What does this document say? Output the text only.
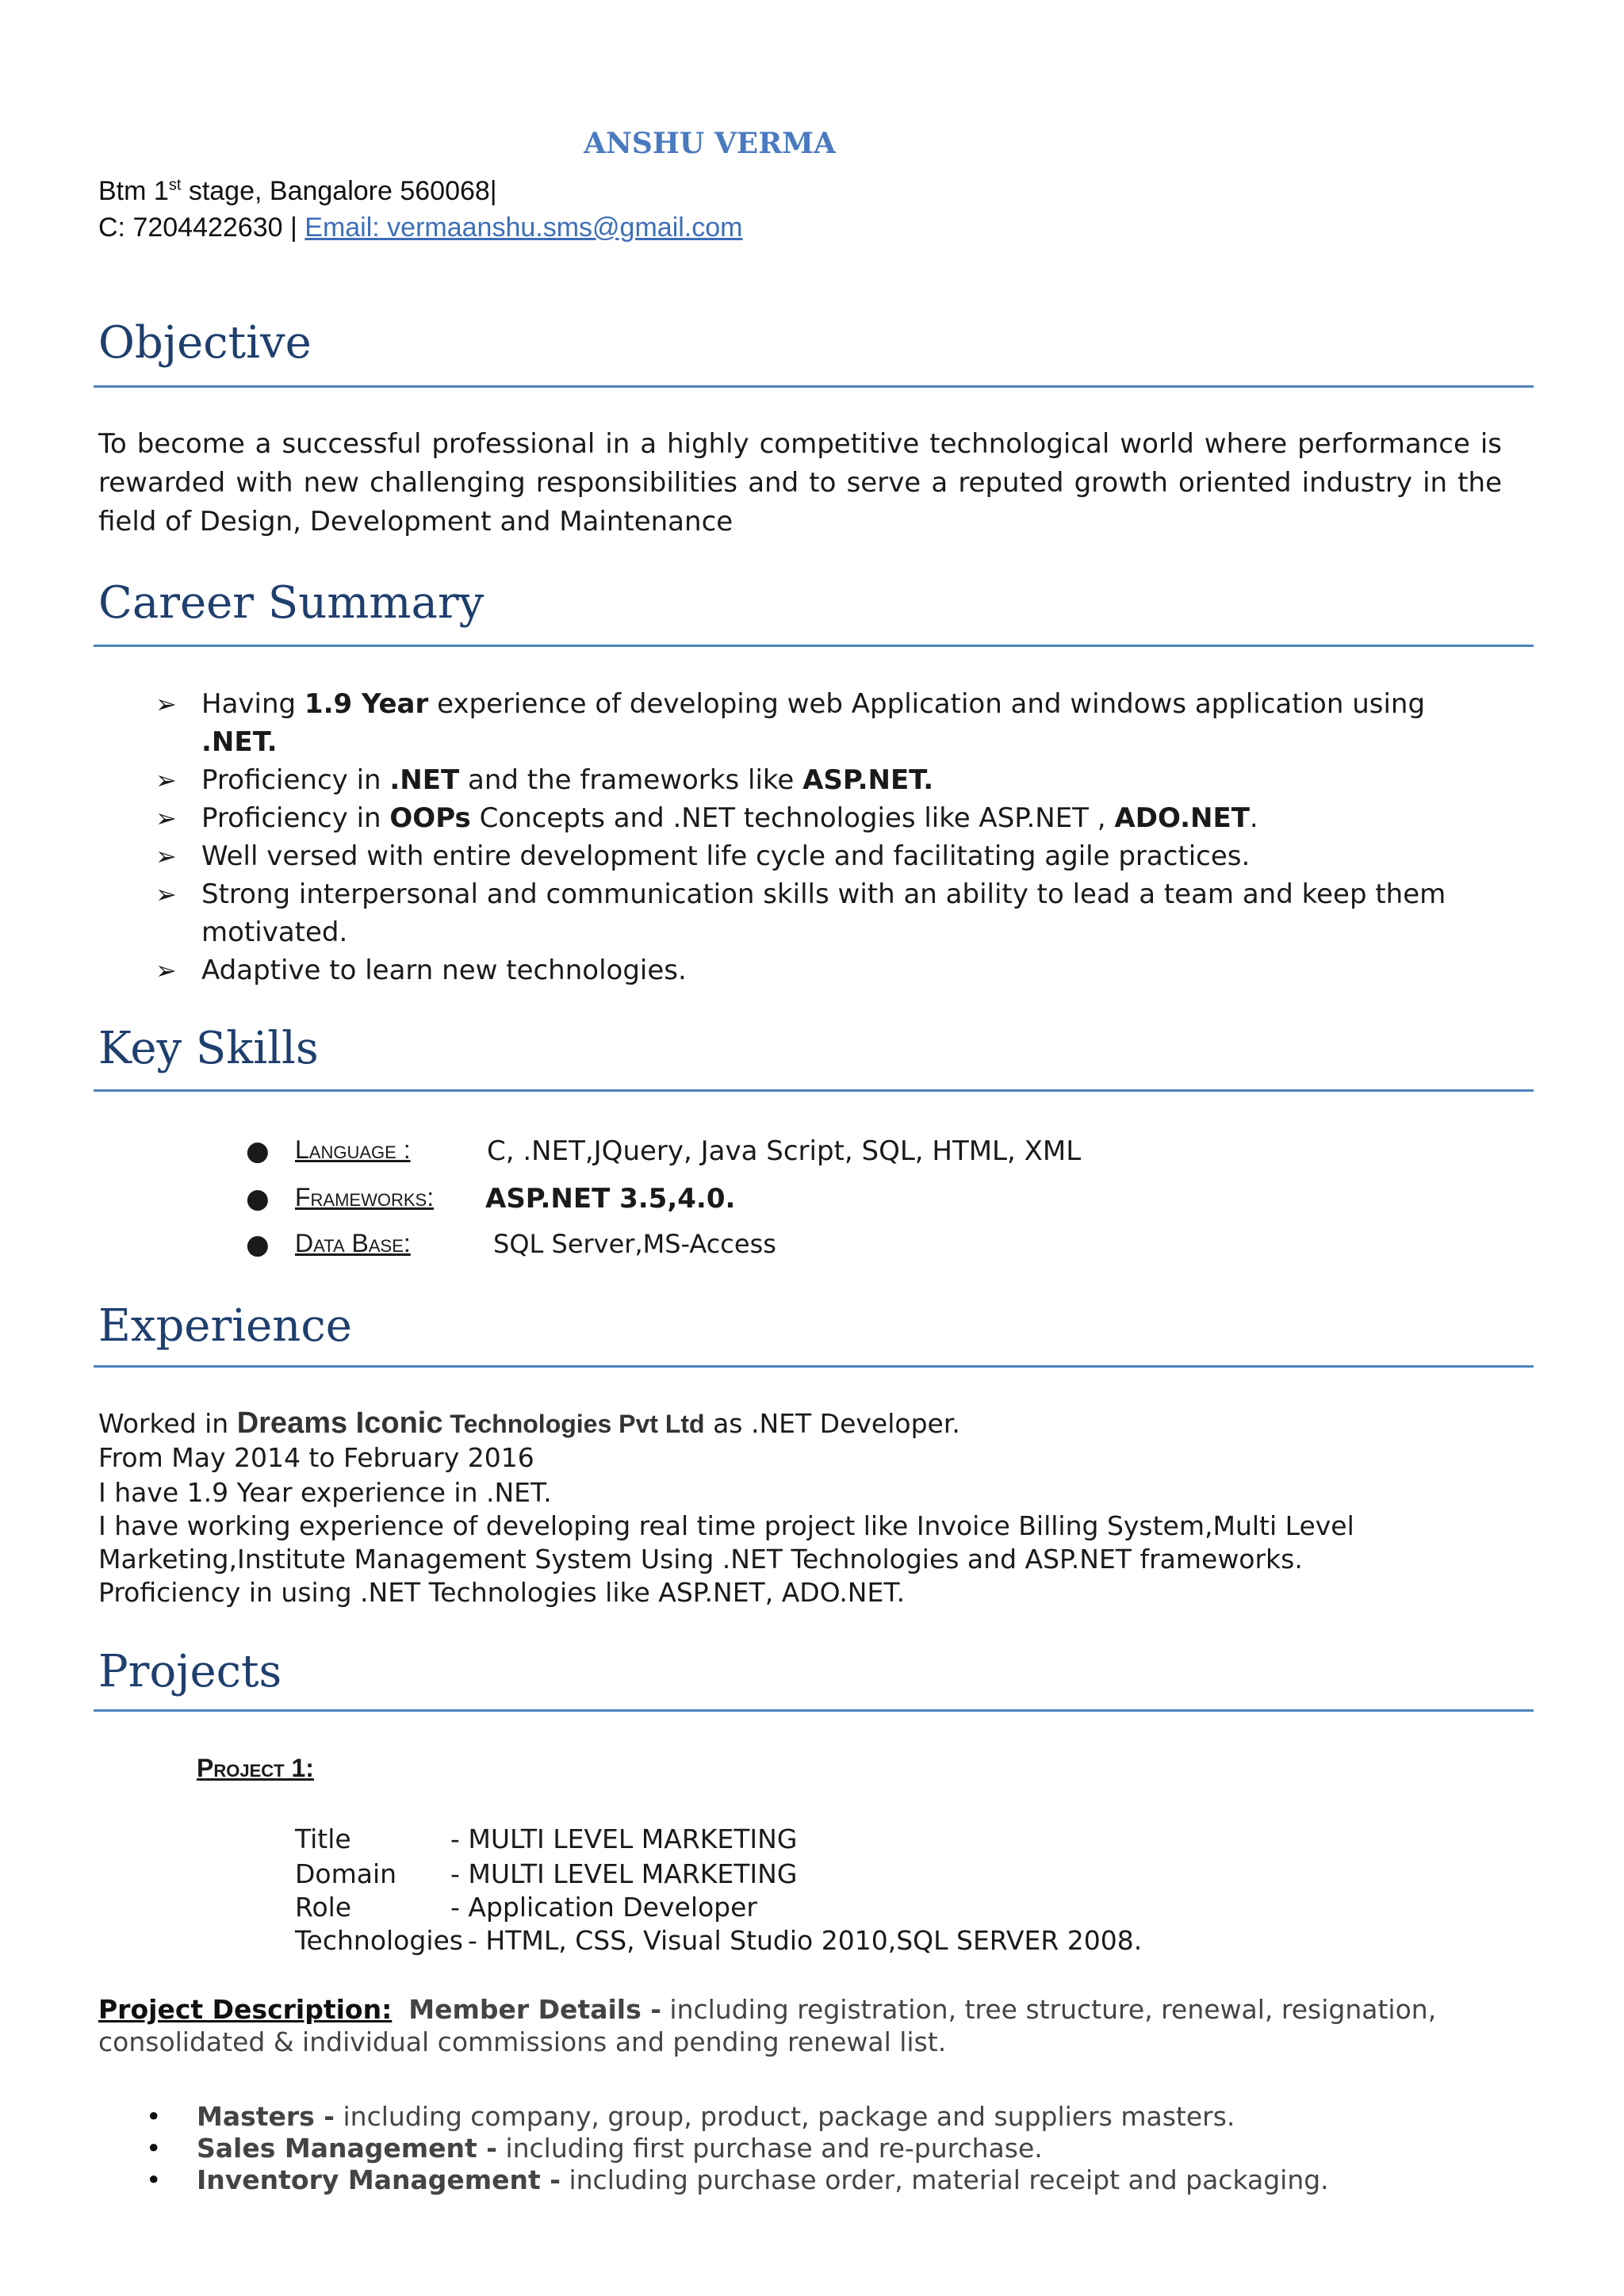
ANSHU VERMA
Btm 1st stage, Bangalore 560068|
C: 7204422630 | Email: vermaanshu.sms@gmail.com
Objective
To become a successful professional in a highly competitive technological world where performance is rewarded with new challenging responsibilities and to serve a reputed growth oriented industry in the field of Design, Development and Maintenance
Career Summary
➢ Having 1.9 Year experience of developing web Application and windows application using .NET.
➢ Proficiency in .NET and the frameworks like ASP.NET.
➢ Proficiency in OOPs Concepts and .NET technologies like ASP.NET , ADO.NET.
➢ Well versed with entire development life cycle and facilitating agile practices.
➢ Strong interpersonal and communication skills with an ability to lead a team and keep them motivated.
➢ Adaptive to learn new technologies.
Key Skills
● Language :	C, .NET,JQuery, Java Script, SQL, HTML, XML
● Frameworks: ASP.NET 3.5,4.0.
● Data Base:	SQL Server,MS-Access
Experience
Worked in Dreams Iconic Technologies Pvt Ltd as .NET Developer.
From May 2014 to February 2016
I have 1.9 Year experience in .NET.
I have working experience of developing real time project like Invoice Billing System,Multi Level
Marketing,Institute Management System Using .NET Technologies and ASP.NET frameworks.
Proficiency in using .NET Technologies like ASP.NET, ADO.NET.
Projects
Project 1:
Title	- MULTI LEVEL MARKETING
Domain - MULTI LEVEL MARKETING
Role	- Application Developer
Technologies - HTML, CSS, Visual Studio 2010,SQL SERVER 2008.
Project Description: Member Details - including registration, tree structure, renewal, resignation, consolidated & individual commissions and pending renewal list.
• Masters - including company, group, product, package and suppliers masters.
• Sales Management - including first purchase and re-purchase.
• Inventory Management - including purchase order, material receipt and packaging.
